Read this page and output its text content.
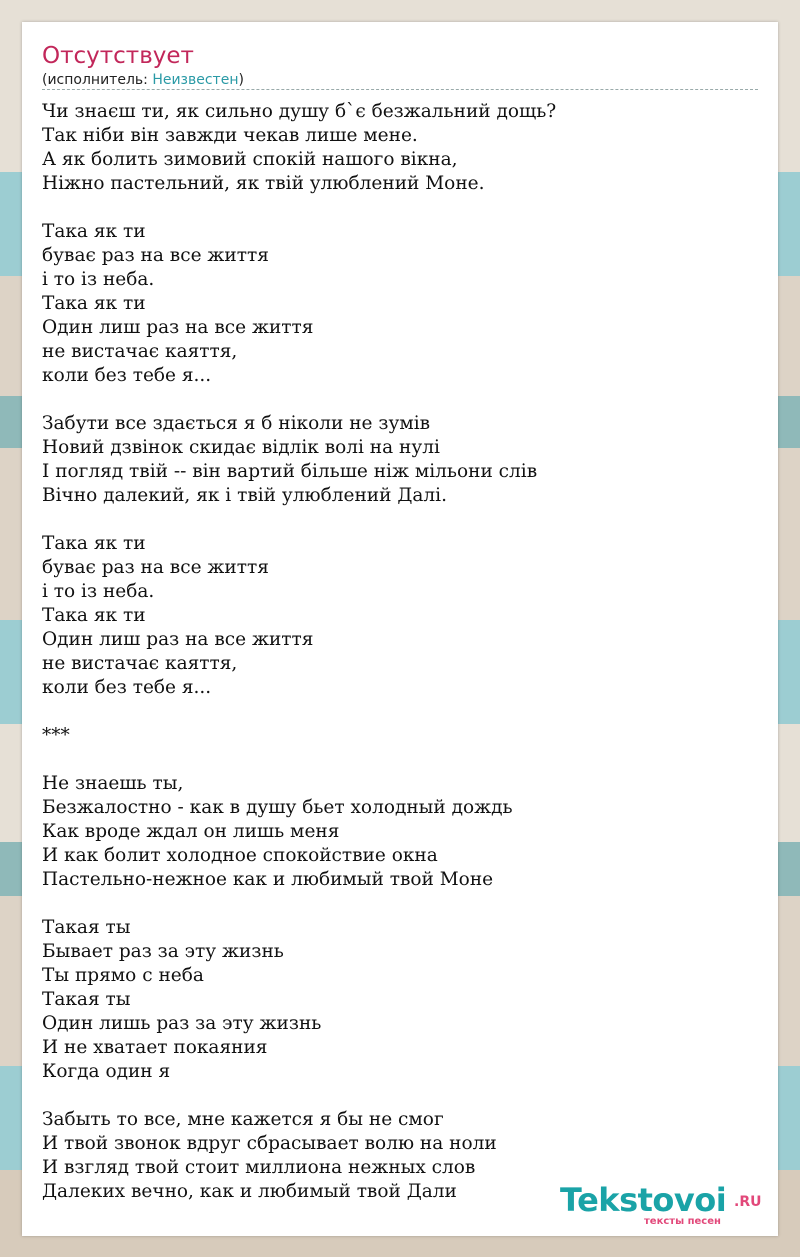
Отсутствует
(исполнитель: Неизвестен)
Чи знаєш ти, як сильно душу б`є безжальний дощь?
Так ніби він завжди чекав лише мене.
А як болить зимовий спокій нашого вікна,
Ніжно пастельний, як твій улюблений Моне.
Така як ти
буває раз на все життя
і то із неба.
Така як ти
Один лиш раз на все життя
не вистачає каяття,
коли без тебе я...
Забути все здається я б ніколи не зумів
Новий дзвінок скидає відлік волі на нулі
І погляд твій -- він вартий більше ніж мільони слів
Вічно далекий, як і твій улюблений Далі.
Така як ти
буває раз на все життя
і то із неба.
Така як ти
Один лиш раз на все життя
не вистачає каяття,
коли без тебе я...
***
Не знаешь ты,
Безжалостно - как в душу бьет холодный дождь
Как вроде ждал он лишь меня
И как болит холодное спокойствие окна
Пастельно-нежное как и любимый твой Моне
Такая ты
Бывает раз за эту жизнь
Ты прямо с неба
Такая ты
Один лишь раз за эту жизнь
И не хватает покаяния
Когда один я
Забыть то все, мне кажется я бы не смог
И твой звонок вдруг сбрасывает волю на ноли
И взгляд твой стоит миллиона нежных слов
Далеких вечно, как и любимый твой Дали	Tekstovoi .RU
тексты песен
